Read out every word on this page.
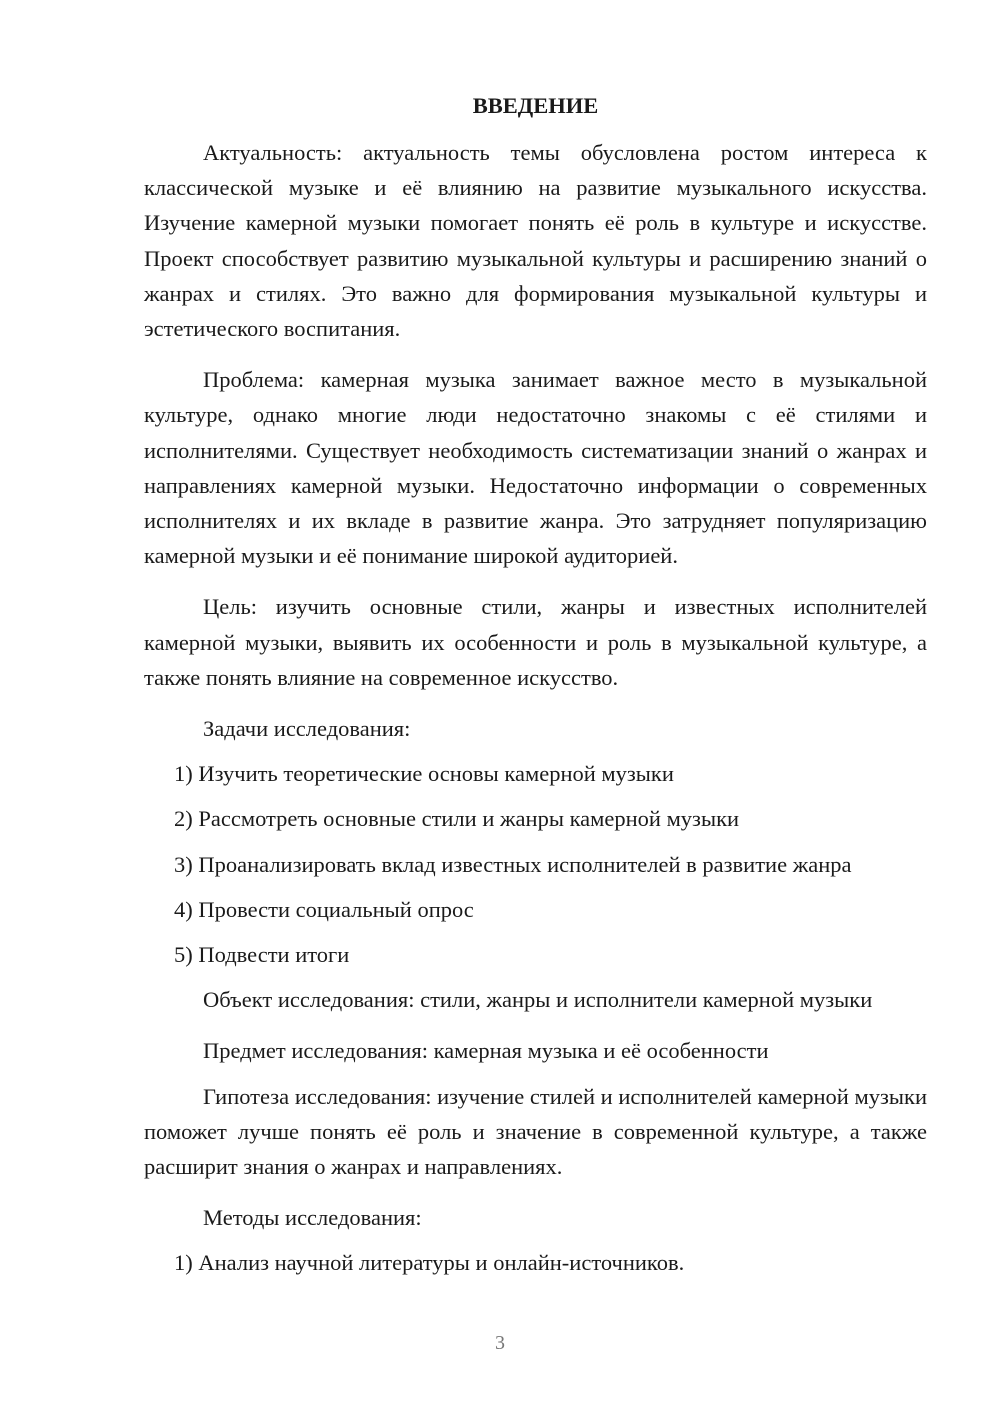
ВВЕДЕНИЕ

Актуальность: актуальность темы обусловлена ростом интереса к классической музыке и её влиянию на развитие музыкального искусства. Изучение камерной музыки помогает понять её роль в культуре и искусстве. Проект способствует развитию музыкальной культуры и расширению знаний о жанрах и стилях. Это важно для формирования музыкальной культуры и эстетического воспитания.

Проблема: камерная музыка занимает важное место в музыкальной культуре, однако многие люди недостаточно знакомы с её стилями и исполнителями. Существует необходимость систематизации знаний о жанрах и направлениях камерной музыки. Недостаточно информации о современных исполнителях и их вкладе в развитие жанра. Это затрудняет популяризацию камерной музыки и её понимание широкой аудиторией.

Цель: изучить основные стили, жанры и известных исполнителей камерной музыки, выявить их особенности и роль в музыкальной культуре, а также понять влияние на современное искусство.

Задачи исследования:

1) Изучить теоретические основы камерной музыки

2) Рассмотреть основные стили и жанры камерной музыки

3) Проанализировать вклад известных исполнителей в развитие жанра

4) Провести социальный опрос

5) Подвести итоги

Объект исследования: стили, жанры и исполнители камерной музыки

Предмет исследования: камерная музыка и её особенности

Гипотеза исследования: изучение стилей и исполнителей камерной музыки поможет лучше понять её роль и значение в современной культуре, а также расширит знания о жанрах и направлениях.

Методы исследования:

1) Анализ научной литературы и онлайн-источников.

3
